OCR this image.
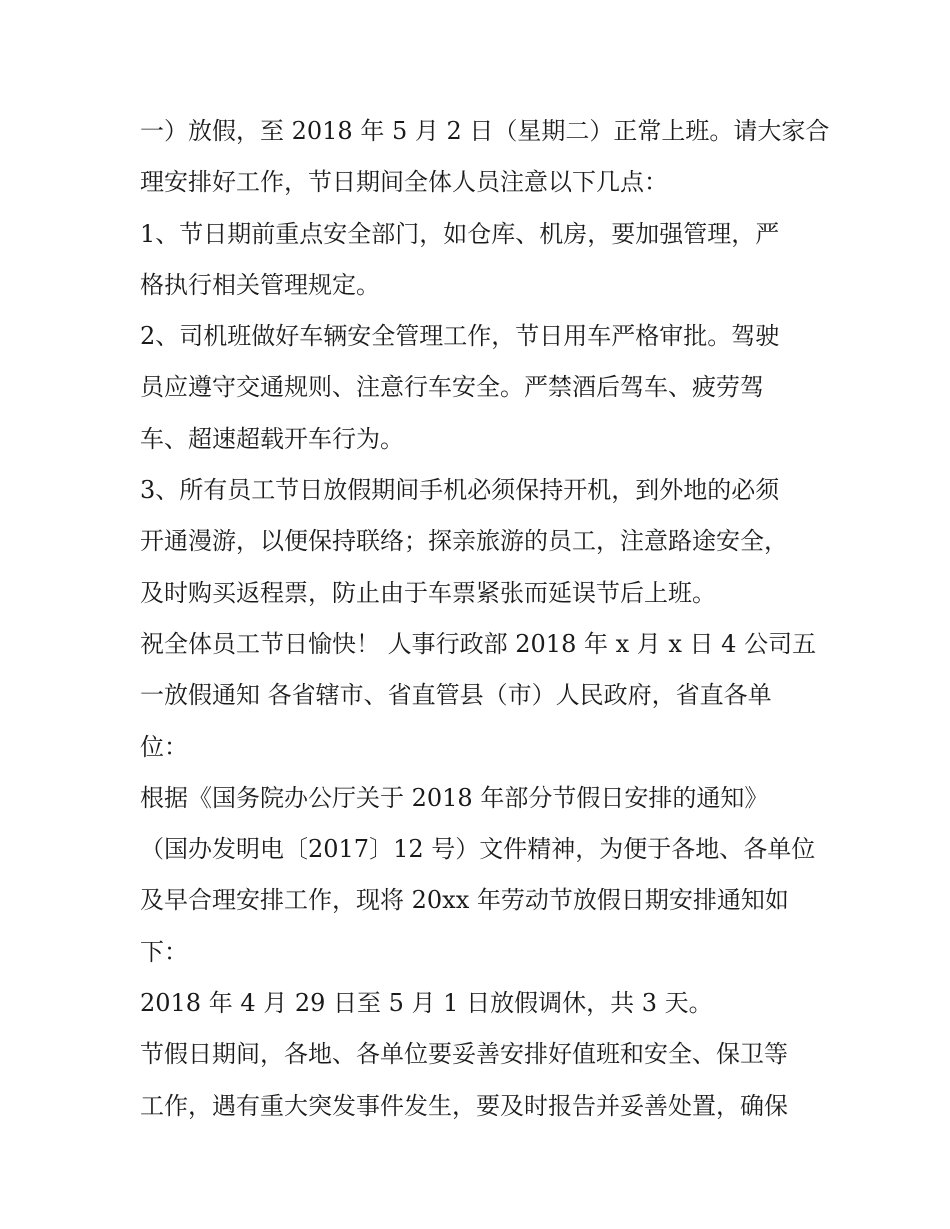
一）放假，至 2018 年 5 月 2 日（星期二）正常上班。请大家合
理安排好工作，节日期间全体人员注意以下几点：
1、节日期前重点安全部门，如仓库、机房，要加强管理，严
格执行相关管理规定。
2、司机班做好车辆安全管理工作，节日用车严格审批。驾驶
员应遵守交通规则、注意行车安全。严禁酒后驾车、疲劳驾
车、超速超载开车行为。
3、所有员工节日放假期间手机必须保持开机，到外地的必须
开通漫游，以便保持联络；探亲旅游的员工，注意路途安全，
及时购买返程票，防止由于车票紧张而延误节后上班。
祝全体员工节日愉快！ 人事行政部 2018 年 x 月 x 日 4 公司五
一放假通知 各省辖市、省直管县（市）人民政府，省直各单
位：
根据《国务院办公厅关于 2018 年部分节假日安排的通知》
（国办发明电〔2017〕12 号）文件精神，为便于各地、各单位
及早合理安排工作，现将 20xx 年劳动节放假日期安排通知如
下：
2018 年 4 月 29 日至 5 月 1 日放假调休，共 3 天。
节假日期间，各地、各单位要妥善安排好值班和安全、保卫等
工作，遇有重大突发事件发生，要及时报告并妥善处置，确保
